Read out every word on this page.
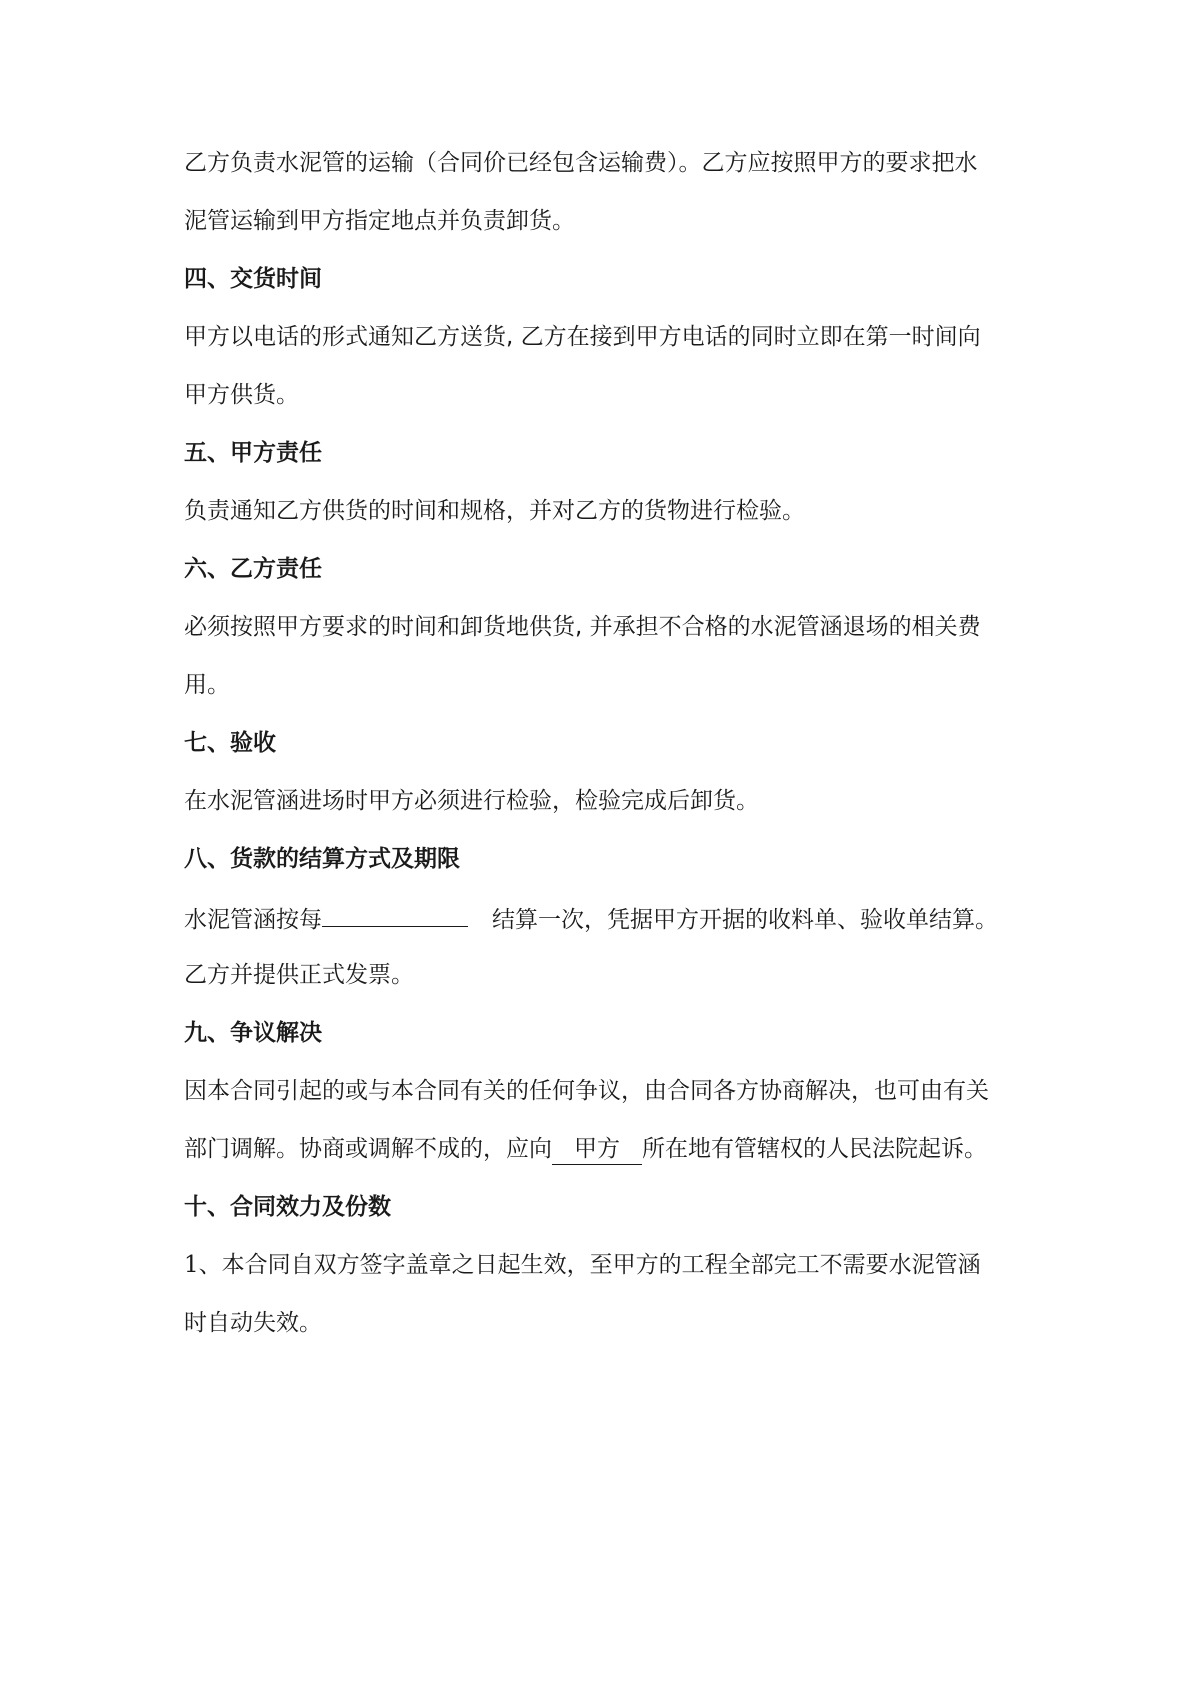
乙方负责水泥管的运输（合同价已经包含运输费）。乙方应按照甲方的要求把水
泥管运输到甲方指定地点并负责卸货。
四、交货时间
甲方以电话的形式通知乙方送货, 乙方在接到甲方电话的同时立即在第一时间向
甲方供货。
五、甲方责任
负责通知乙方供货的时间和规格，并对乙方的货物进行检验。
六、乙方责任
必须按照甲方要求的时间和卸货地供货, 并承担不合格的水泥管涵退场的相关费
用。
七、验收
在水泥管涵进场时甲方必须进行检验，检验完成后卸货。
八、货款的结算方式及期限
水泥管涵按每	结算一次，凭据甲方开据的收料单、验收单结算。
乙方并提供正式发票。
九、争议解决
因本合同引起的或与本合同有关的任何争议，由合同各方协商解决，也可由有关
部门调解。协商或调解不成的，应向 甲方 所在地有管辖权的人民法院起诉。
十、合同效力及份数
1、本合同自双方签字盖章之日起生效，至甲方的工程全部完工不需要水泥管涵
时自动失效。
